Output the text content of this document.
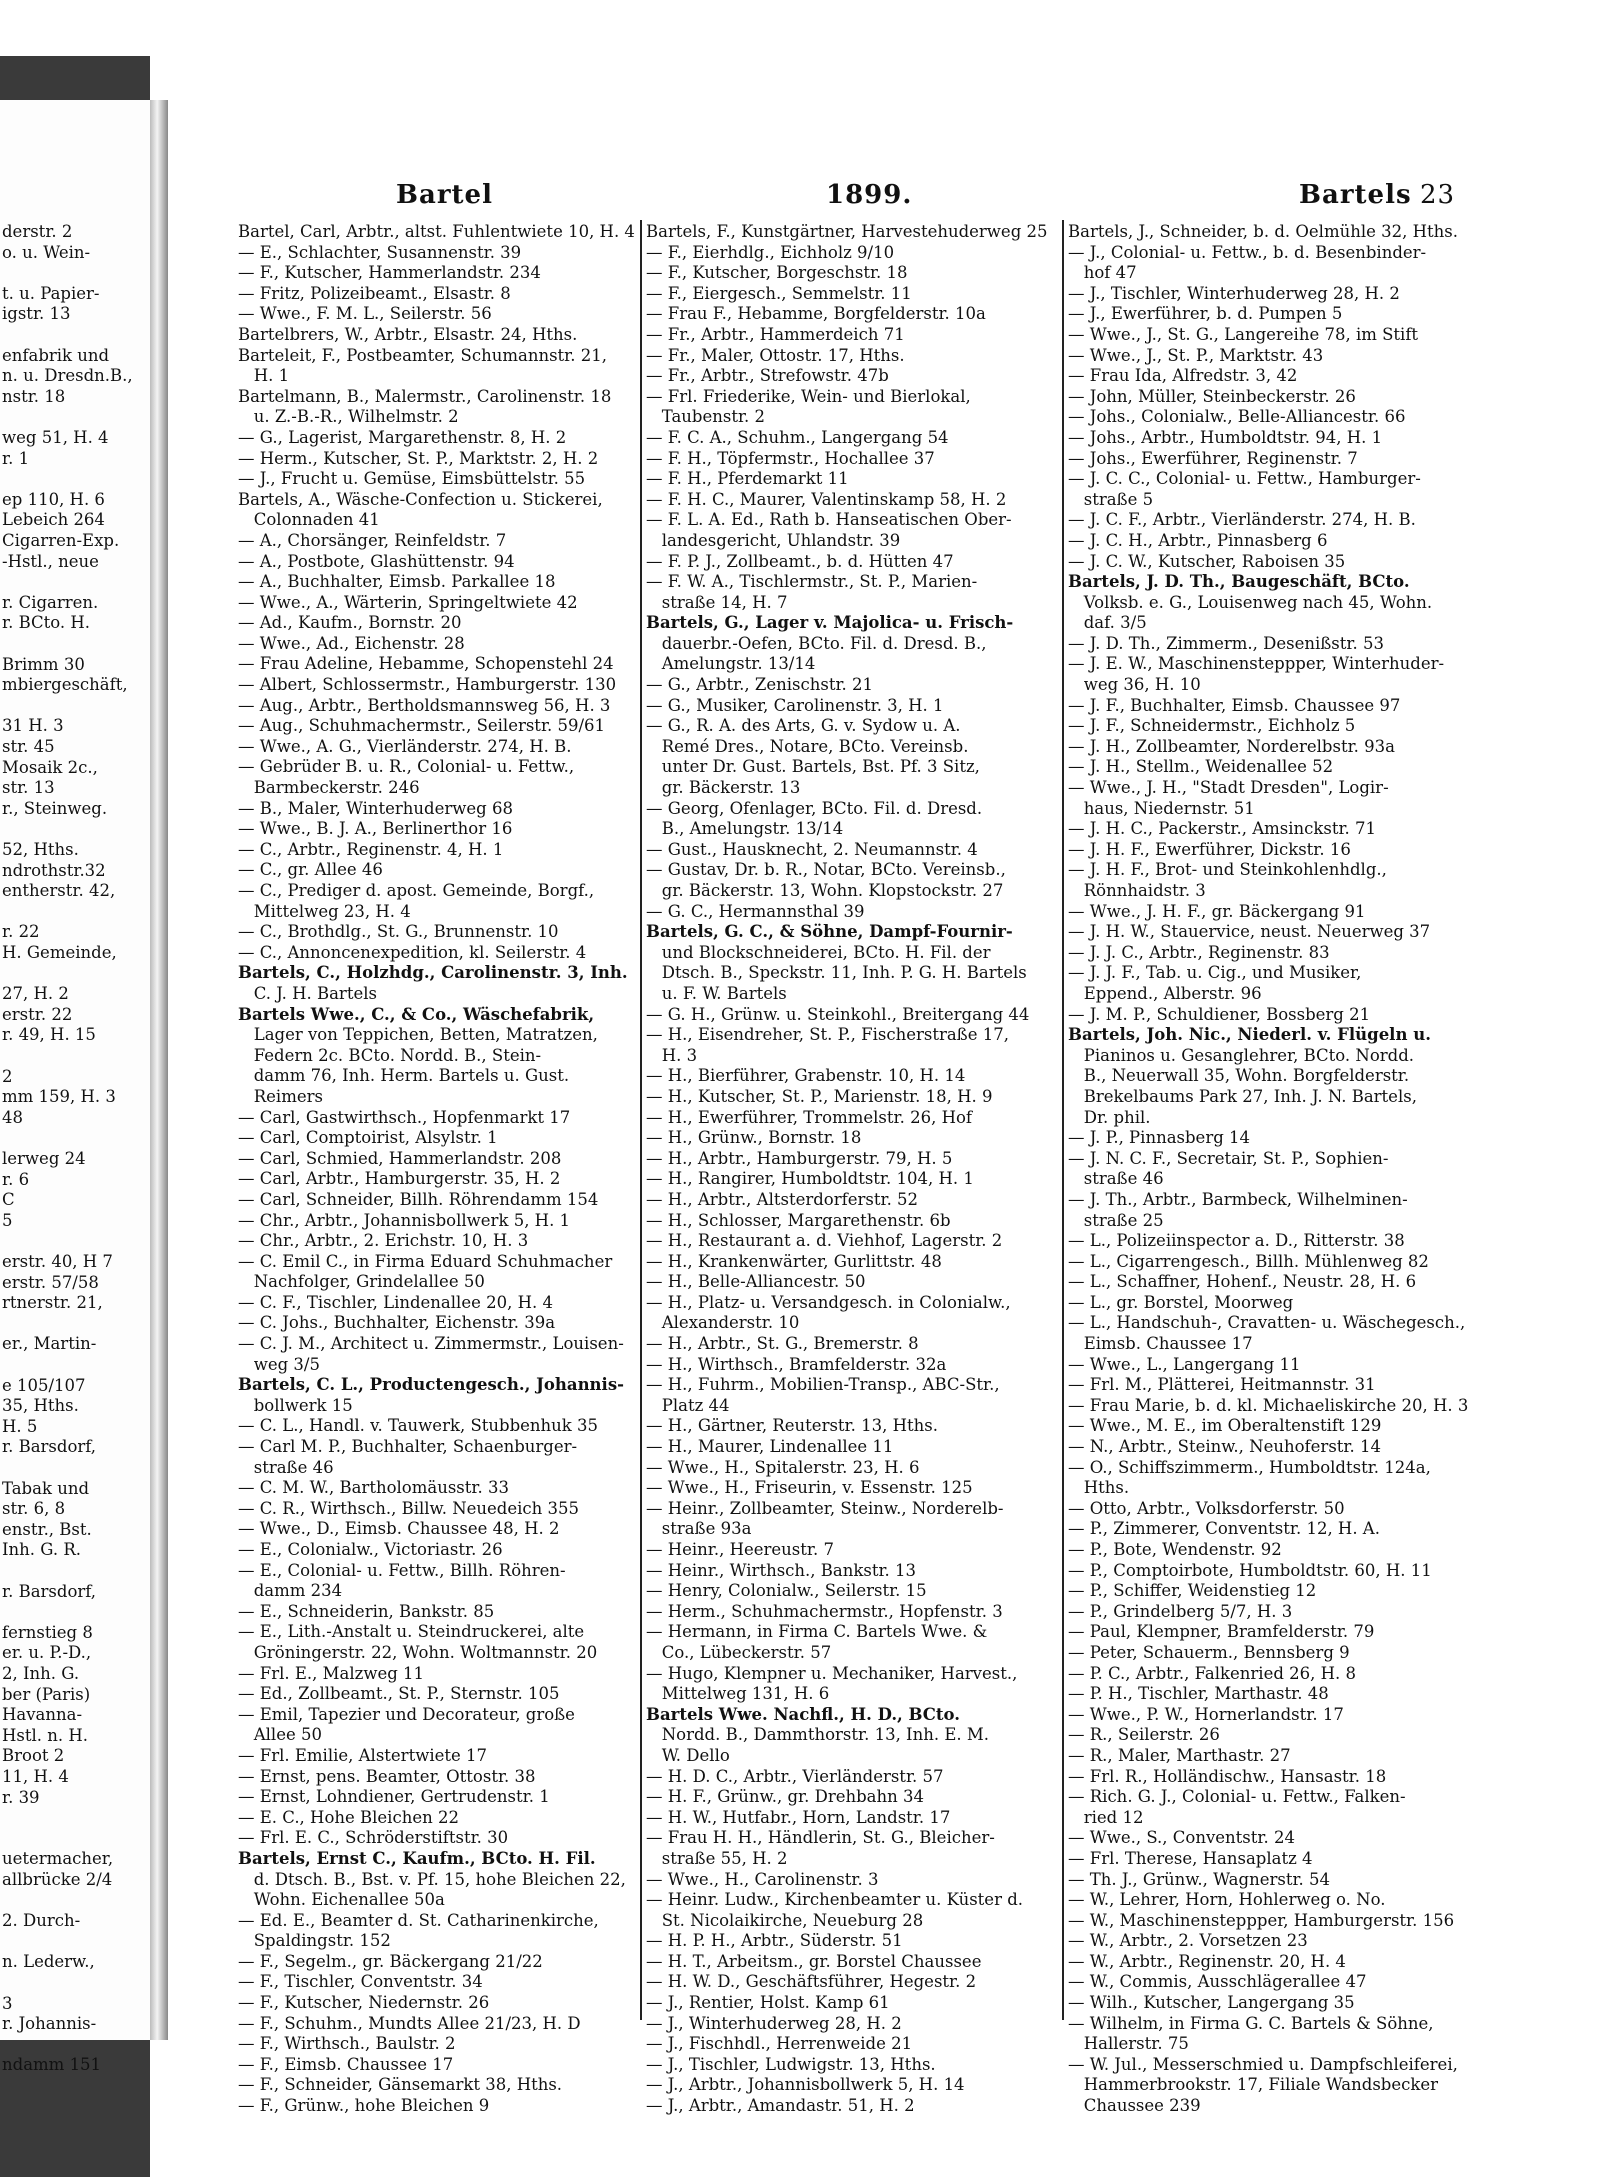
derstr. 2
o. u. Wein-
t. u. Papier-
igstr. 13
enfabrik und
n. u. Dresdn.B.,
nstr. 18
weg 51, H. 4
r. 1
ep 110, H. 6
Lebeich 264
Cigarren-Exp.
-Hstl., neue
r. Cigarren.
r. BCto. H.
Brimm 30
mbiergeschäft,
31 H. 3
str. 45
Mosaik 2c.,
str. 13
r., Steinweg.
52, Hths.
ndrothstr.32
entherstr. 42,
r. 22
H. Gemeinde,
27, H. 2
erstr. 22
r. 49, H. 15
2
mm 159, H. 3
48
lerweg 24
r. 6
C
5
erstr. 40, H 7
erstr. 57/58
rtnerstr. 21,
er., Martin-
e 105/107
35, Hths.
H. 5
r. Barsdorf,
Tabak und
str. 6, 8
enstr., Bst.
Inh. G. R.
r. Barsdorf,
fernstieg 8
er. u. P.-D.,
2, Inh. G.
ber (Paris)
Havanna-
Hstl. n. H.
Broot 2
11, H. 4
r. 39
uetermacher,
allbrücke 2/4
2. Durch-
n. Lederw.,
3
r. Johannis-
ndamm 151
Bartel	1899.	Bartels 23
Bartel, Carl, Arbtr., altst. Fuhlentwiete 10, H. 4
— E., Schlachter, Susannenstr. 39
— F., Kutscher, Hammerlandstr. 234
— Fritz, Polizeibeamt., Elsastr. 8
— Wwe., F. M. L., Seilerstr. 56
Bartelbrers, W., Arbtr., Elsastr. 24, Hths.
Barteleit, F., Postbeamter, Schumannstr. 21,
H. 1
Bartelmann, B., Malermstr., Carolinenstr. 18
u. Z.-B.-R., Wilhelmstr. 2
— G., Lagerist, Margarethenstr. 8, H. 2
— Herm., Kutscher, St. P., Marktstr. 2, H. 2
— J., Frucht u. Gemüse, Eimsbüttelstr. 55
Bartels, A., Wäsche-Confection u. Stickerei,
Colonnaden 41
— A., Chorsänger, Reinfeldstr. 7
— A., Postbote, Glashüttenstr. 94
— A., Buchhalter, Eimsb. Parkallee 18
— Wwe., A., Wärterin, Springeltwiete 42
— Ad., Kaufm., Bornstr. 20
— Wwe., Ad., Eichenstr. 28
— Frau Adeline, Hebamme, Schopenstehl 24
— Albert, Schlossermstr., Hamburgerstr. 130
— Aug., Arbtr., Bertholdsmannsweg 56, H. 3
— Aug., Schuhmachermstr., Seilerstr. 59/61
— Wwe., A. G., Vierländerstr. 274, H. B.
— Gebrüder B. u. R., Colonial- u. Fettw.,
Barmbeckerstr. 246
— B., Maler, Winterhuderweg 68
— Wwe., B. J. A., Berlinerthor 16
— C., Arbtr., Reginenstr. 4, H. 1
— C., gr. Allee 46
— C., Prediger d. apost. Gemeinde, Borgf.,
Mittelweg 23, H. 4
— C., Brothdlg., St. G., Brunnenstr. 10
— C., Annoncenexpedition, kl. Seilerstr. 4
Bartels, C., Holzhdg., Carolinenstr. 3, Inh.
C. J. H. Bartels
Bartels Wwe., C., & Co., Wäschefabrik,
Lager von Teppichen, Betten, Matratzen,
Federn 2c. BCto. Nordd. B., Stein-
damm 76, Inh. Herm. Bartels u. Gust.
Reimers
— Carl, Gastwirthsch., Hopfenmarkt 17
— Carl, Comptoirist, Alsylstr. 1
— Carl, Schmied, Hammerlandstr. 208
— Carl, Arbtr., Hamburgerstr. 35, H. 2
— Carl, Schneider, Billh. Röhrendamm 154
— Chr., Arbtr., Johannisbollwerk 5, H. 1
— Chr., Arbtr., 2. Erichstr. 10, H. 3
— C. Emil C., in Firma Eduard Schuhmacher
Nachfolger, Grindelallee 50
— C. F., Tischler, Lindenallee 20, H. 4
— C. Johs., Buchhalter, Eichenstr. 39a
— C. J. M., Architect u. Zimmermstr., Louisen-
weg 3/5
Bartels, C. L., Productengesch., Johannis-
bollwerk 15
— C. L., Handl. v. Tauwerk, Stubbenhuk 35
— Carl M. P., Buchhalter, Schaenburger-
straße 46
— C. M. W., Bartholomäusstr. 33
— C. R., Wirthsch., Billw. Neuedeich 355
— Wwe., D., Eimsb. Chaussee 48, H. 2
— E., Colonialw., Victoriastr. 26
— E., Colonial- u. Fettw., Billh. Röhren-
damm 234
— E., Schneiderin, Bankstr. 85
— E., Lith.-Anstalt u. Steindruckerei, alte
Gröningerstr. 22, Wohn. Woltmannstr. 20
— Frl. E., Malzweg 11
— Ed., Zollbeamt., St. P., Sternstr. 105
— Emil, Tapezier und Decorateur, große
Allee 50
— Frl. Emilie, Alstertwiete 17
— Ernst, pens. Beamter, Ottostr. 38
— Ernst, Lohndiener, Gertrudenstr. 1
— E. C., Hohe Bleichen 22
— Frl. E. C., Schröderstiftstr. 30
Bartels, Ernst C., Kaufm., BCto. H. Fil.
d. Dtsch. B., Bst. v. Pf. 15, hohe Bleichen 22,
Wohn. Eichenallee 50a
— Ed. E., Beamter d. St. Catharinenkirche,
Spaldingstr. 152
— F., Segelm., gr. Bäckergang 21/22
— F., Tischler, Conventstr. 34
— F., Kutscher, Niedernstr. 26
— F., Schuhm., Mundts Allee 21/23, H. D
— F., Wirthsch., Baulstr. 2
— F., Eimsb. Chaussee 17
— F., Schneider, Gänsemarkt 38, Hths.
— F., Grünw., hohe Bleichen 9
Bartels, F., Kunstgärtner, Harvestehuderweg 25
— F., Eierhdlg., Eichholz 9/10
— F., Kutscher, Borgeschstr. 18
— F., Eiergesch., Semmelstr. 11
— Frau F., Hebamme, Borgfelderstr. 10a
— Fr., Arbtr., Hammerdeich 71
— Fr., Maler, Ottostr. 17, Hths.
— Fr., Arbtr., Strefowstr. 47b
— Frl. Friederike, Wein- und Bierlokal,
Taubenstr. 2
— F. C. A., Schuhm., Langergang 54
— F. H., Töpfermstr., Hochallee 37
— F. H., Pferdemarkt 11
— F. H. C., Maurer, Valentinskamp 58, H. 2
— F. L. A. Ed., Rath b. Hanseatischen Ober-
landesgericht, Uhlandstr. 39
— F. P. J., Zollbeamt., b. d. Hütten 47
— F. W. A., Tischlermstr., St. P., Marien-
straße 14, H. 7
Bartels, G., Lager v. Majolica- u. Frisch-
dauerbr.-Oefen, BCto. Fil. d. Dresd. B.,
Amelungstr. 13/14
— G., Arbtr., Zenischstr. 21
— G., Musiker, Carolinenstr. 3, H. 1
— G., R. A. des Arts, G. v. Sydow u. A.
Remé Dres., Notare, BCto. Vereinsb.
unter Dr. Gust. Bartels, Bst. Pf. 3 Sitz,
gr. Bäckerstr. 13
— Georg, Ofenlager, BCto. Fil. d. Dresd.
B., Amelungstr. 13/14
— Gust., Hausknecht, 2. Neumannstr. 4
— Gustav, Dr. b. R., Notar, BCto. Vereinsb.,
gr. Bäckerstr. 13, Wohn. Klopstockstr. 27
— G. C., Hermannsthal 39
Bartels, G. C., & Söhne, Dampf-Fournir-
und Blockschneiderei, BCto. H. Fil. der
Dtsch. B., Speckstr. 11, Inh. P. G. H. Bartels
u. F. W. Bartels
— G. H., Grünw. u. Steinkohl., Breitergang 44
— H., Eisendreher, St. P., Fischerstraße 17,
H. 3
— H., Bierführer, Grabenstr. 10, H. 14
— H., Kutscher, St. P., Marienstr. 18, H. 9
— H., Ewerführer, Trommelstr. 26, Hof
— H., Grünw., Bornstr. 18
— H., Arbtr., Hamburgerstr. 79, H. 5
— H., Rangirer, Humboldtstr. 104, H. 1
— H., Arbtr., Altsterdorferstr. 52
— H., Schlosser, Margarethenstr. 6b
— H., Restaurant a. d. Viehhof, Lagerstr. 2
— H., Krankenwärter, Gurlittstr. 48
— H., Belle-Alliancestr. 50
— H., Platz- u. Versandgesch. in Colonialw.,
Alexanderstr. 10
— H., Arbtr., St. G., Bremerstr. 8
— H., Wirthsch., Bramfelderstr. 32a
— H., Fuhrm., Mobilien-Transp., ABC-Str.,
Platz 44
— H., Gärtner, Reuterstr. 13, Hths.
— H., Maurer, Lindenallee 11
— Wwe., H., Spitalerstr. 23, H. 6
— Wwe., H., Friseurin, v. Essenstr. 125
— Heinr., Zollbeamter, Steinw., Norderelb-
straße 93a
— Heinr., Heereustr. 7
— Heinr., Wirthsch., Bankstr. 13
— Henry, Colonialw., Seilerstr. 15
— Herm., Schuhmachermstr., Hopfenstr. 3
— Hermann, in Firma C. Bartels Wwe. &
Co., Lübeckerstr. 57
— Hugo, Klempner u. Mechaniker, Harvest.,
Mittelweg 131, H. 6
Bartels Wwe. Nachfl., H. D., BCto.
Nordd. B., Dammthorstr. 13, Inh. E. M.
W. Dello
— H. D. C., Arbtr., Vierländerstr. 57
— H. F., Grünw., gr. Drehbahn 34
— H. W., Hutfabr., Horn, Landstr. 17
— Frau H. H., Händlerin, St. G., Bleicher-
straße 55, H. 2
— Wwe., H., Carolinenstr. 3
— Heinr. Ludw., Kirchenbeamter u. Küster d.
St. Nicolaikirche, Neueburg 28
— H. P. H., Arbtr., Süderstr. 51
— H. T., Arbeitsm., gr. Borstel Chaussee
— H. W. D., Geschäftsführer, Hegestr. 2
— J., Rentier, Holst. Kamp 61
— J., Winterhuderweg 28, H. 2
— J., Fischhdl., Herrenweide 21
— J., Tischler, Ludwigstr. 13, Hths.
— J., Arbtr., Johannisbollwerk 5, H. 14
— J., Arbtr., Amandastr. 51, H. 2
Bartels, J., Schneider, b. d. Oelmühle 32, Hths.
— J., Colonial- u. Fettw., b. d. Besenbinder-
hof 47
— J., Tischler, Winterhuderweg 28, H. 2
— J., Ewerführer, b. d. Pumpen 5
— Wwe., J., St. G., Langereihe 78, im Stift
— Wwe., J., St. P., Marktstr. 43
— Frau Ida, Alfredstr. 3, 42
— John, Müller, Steinbeckerstr. 26
— Johs., Colonialw., Belle-Alliancestr. 66
— Johs., Arbtr., Humboldtstr. 94, H. 1
— Johs., Ewerführer, Reginenstr. 7
— J. C. C., Colonial- u. Fettw., Hamburger-
straße 5
— J. C. F., Arbtr., Vierländerstr. 274, H. B.
— J. C. H., Arbtr., Pinnasberg 6
— J. C. W., Kutscher, Raboisen 35
Bartels, J. D. Th., Baugeschäft, BCto.
Volksb. e. G., Louisenweg nach 45, Wohn.
daf. 3/5
— J. D. Th., Zimmerm., Desenißstr. 53
— J. E. W., Maschinensteppper, Winterhuder-
weg 36, H. 10
— J. F., Buchhalter, Eimsb. Chaussee 97
— J. F., Schneidermstr., Eichholz 5
— J. H., Zollbeamter, Norderelbstr. 93a
— J. H., Stellm., Weidenallee 52
— Wwe., J. H., "Stadt Dresden", Logir-
haus, Niedernstr. 51
— J. H. C., Packerstr., Amsinckstr. 71
— J. H. F., Ewerführer, Dickstr. 16
— J. H. F., Brot- und Steinkohlenhdlg.,
Rönnhaidstr. 3
— Wwe., J. H. F., gr. Bäckergang 91
— J. H. W., Stauervice, neust. Neuerweg 37
— J. J. C., Arbtr., Reginenstr. 83
— J. J. F., Tab. u. Cig., und Musiker,
Eppend., Alberstr. 96
— J. M. P., Schuldiener, Bossberg 21
Bartels, Joh. Nic., Niederl. v. Flügeln u.
Pianinos u. Gesanglehrer, BCto. Nordd.
B., Neuerwall 35, Wohn. Borgfelderstr.
Brekelbaums Park 27, Inh. J. N. Bartels,
Dr. phil.
— J. P., Pinnasberg 14
— J. N. C. F., Secretair, St. P., Sophien-
straße 46
— J. Th., Arbtr., Barmbeck, Wilhelminen-
straße 25
— L., Polizeiinspector a. D., Ritterstr. 38
— L., Cigarrengesch., Billh. Mühlenweg 82
— L., Schaffner, Hohenf., Neustr. 28, H. 6
— L., gr. Borstel, Moorweg
— L., Handschuh-, Cravatten- u. Wäschegesch.,
Eimsb. Chaussee 17
— Wwe., L., Langergang 11
— Frl. M., Plätterei, Heitmannstr. 31
— Frau Marie, b. d. kl. Michaeliskirche 20, H. 3
— Wwe., M. E., im Oberaltenstift 129
— N., Arbtr., Steinw., Neuhoferstr. 14
— O., Schiffszimmerm., Humboldtstr. 124a,
Hths.
— Otto, Arbtr., Volksdorferstr. 50
— P., Zimmerer, Conventstr. 12, H. A.
— P., Bote, Wendenstr. 92
— P., Comptoirbote, Humboldtstr. 60, H. 11
— P., Schiffer, Weidenstieg 12
— P., Grindelberg 5/7, H. 3
— Paul, Klempner, Bramfelderstr. 79
— Peter, Schauerm., Bennsberg 9
— P. C., Arbtr., Falkenried 26, H. 8
— P. H., Tischler, Marthastr. 48
— Wwe., P. W., Hornerlandstr. 17
— R., Seilerstr. 26
— R., Maler, Marthastr. 27
— Frl. R., Holländischw., Hansastr. 18
— Rich. G. J., Colonial- u. Fettw., Falken-
ried 12
— Wwe., S., Conventstr. 24
— Frl. Therese, Hansaplatz 4
— Th. J., Grünw., Wagnerstr. 54
— W., Lehrer, Horn, Hohlerweg o. No.
— W., Maschinensteppper, Hamburgerstr. 156
— W., Arbtr., 2. Vorsetzen 23
— W., Arbtr., Reginenstr. 20, H. 4
— W., Commis, Ausschlägerallee 47
— Wilh., Kutscher, Langergang 35
— Wilhelm, in Firma G. C. Bartels & Söhne,
Hallerstr. 75
— W. Jul., Messerschmied u. Dampfschleiferei,
Hammerbrookstr. 17, Filiale Wandsbecker
Chaussee 239
